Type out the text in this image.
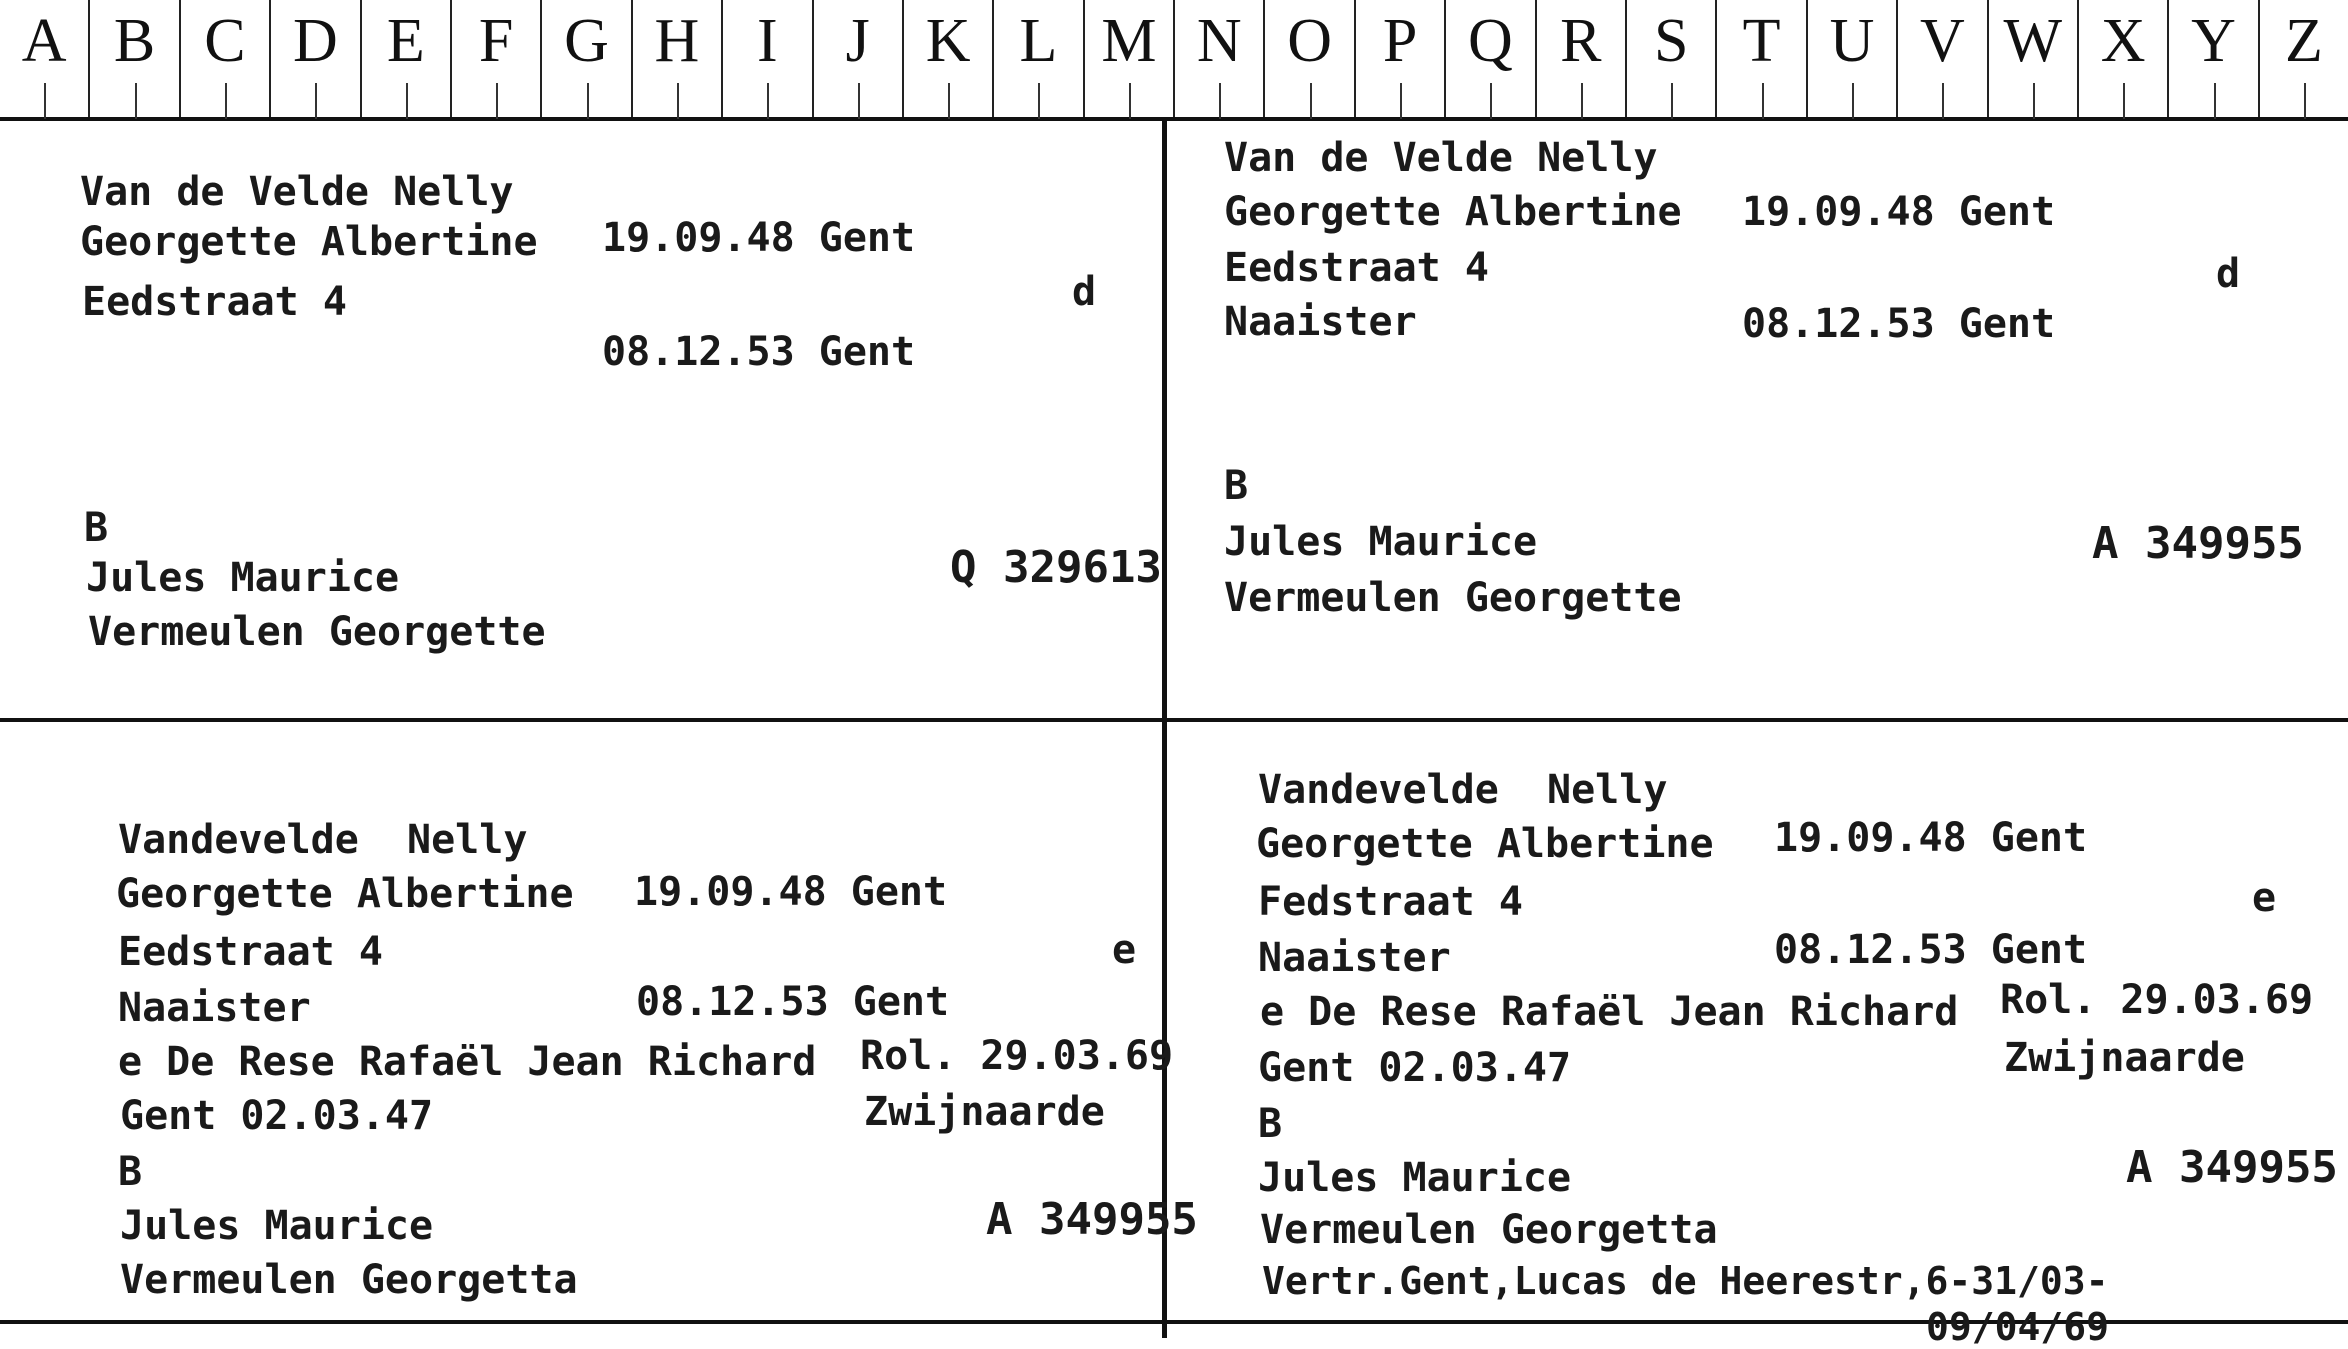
A B C D E F G H I	J K L M N O P Q R S T U V W X Y Z
Van de Velde Nelly
Georgette Albertine 19.09.48 Gent
Eedstraat 4	d
08.12.53 Gent
B
Jules Maurice
Vermeulen Georgette
Q 329613
Van de Velde Nelly
Georgette Albertine 19.09.48 Gent
Eedstraat 4	d
Naaister	08.12.53 Gent
B
Jules Maurice
Vermeulen Georgette
A 349955
Vandevelde  Nelly
Georgette Albertine 19.09.48 Gent
Eedstraat 4	e
Naaister	08.12.53 Gent
e De Rese Rafaël Jean Richard Rol. 29.03.69
Gent 02.03.47	Zwijnaarde
B
Jules Maurice
Vermeulen Georgetta
A 349955
Vandevelde  Nelly
Georgette Albertine 19.09.48 Gent
Fedstraat 4	e
Naaister	08.12.53 Gent
e De Rese Rafaël Jean Richard Rol. 29.03.69
Gent 02.03.47	Zwijnaarde
B
Jules Maurice
Vermeulen Georgetta
A 349955
Vertr.Gent,Lucas de Heerestr,6-31/03-
09/04/69
